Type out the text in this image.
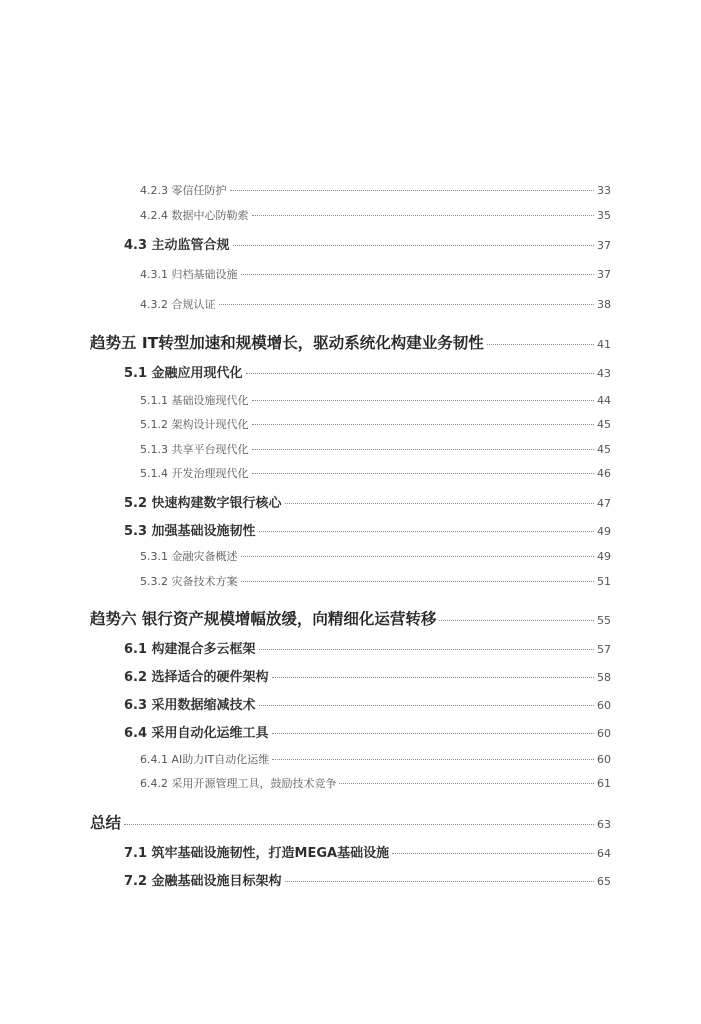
4.2.3 零信任防护	33
4.2.4 数据中心防勒索	35
4.3 主动监管合规	37
4.3.1 归档基础设施	37
4.3.2 合规认证	38
趋势五 IT转型加速和规模增长，驱动系统化构建业务韧性	41
5.1 金融应用现代化	43
5.1.1 基础设施现代化	44
5.1.2 架构设计现代化	45
5.1.3 共享平台现代化	45
5.1.4 开发治理现代化	46
5.2 快速构建数字银行核心	47
5.3 加强基础设施韧性	49
5.3.1 金融灾备概述	49
5.3.2 灾备技术方案	51
趋势六 银行资产规模增幅放缓，向精细化运营转移	55
6.1 构建混合多云框架	57
6.2 选择适合的硬件架构	58
6.3 采用数据缩减技术	60
6.4 采用自动化运维工具	60
6.4.1 AI助力IT自动化运维	60
6.4.2 采用开源管理工具，鼓励技术竞争	61
总结	63
7.1 筑牢基础设施韧性，打造MEGA基础设施	64
7.2 金融基础设施目标架构	65
